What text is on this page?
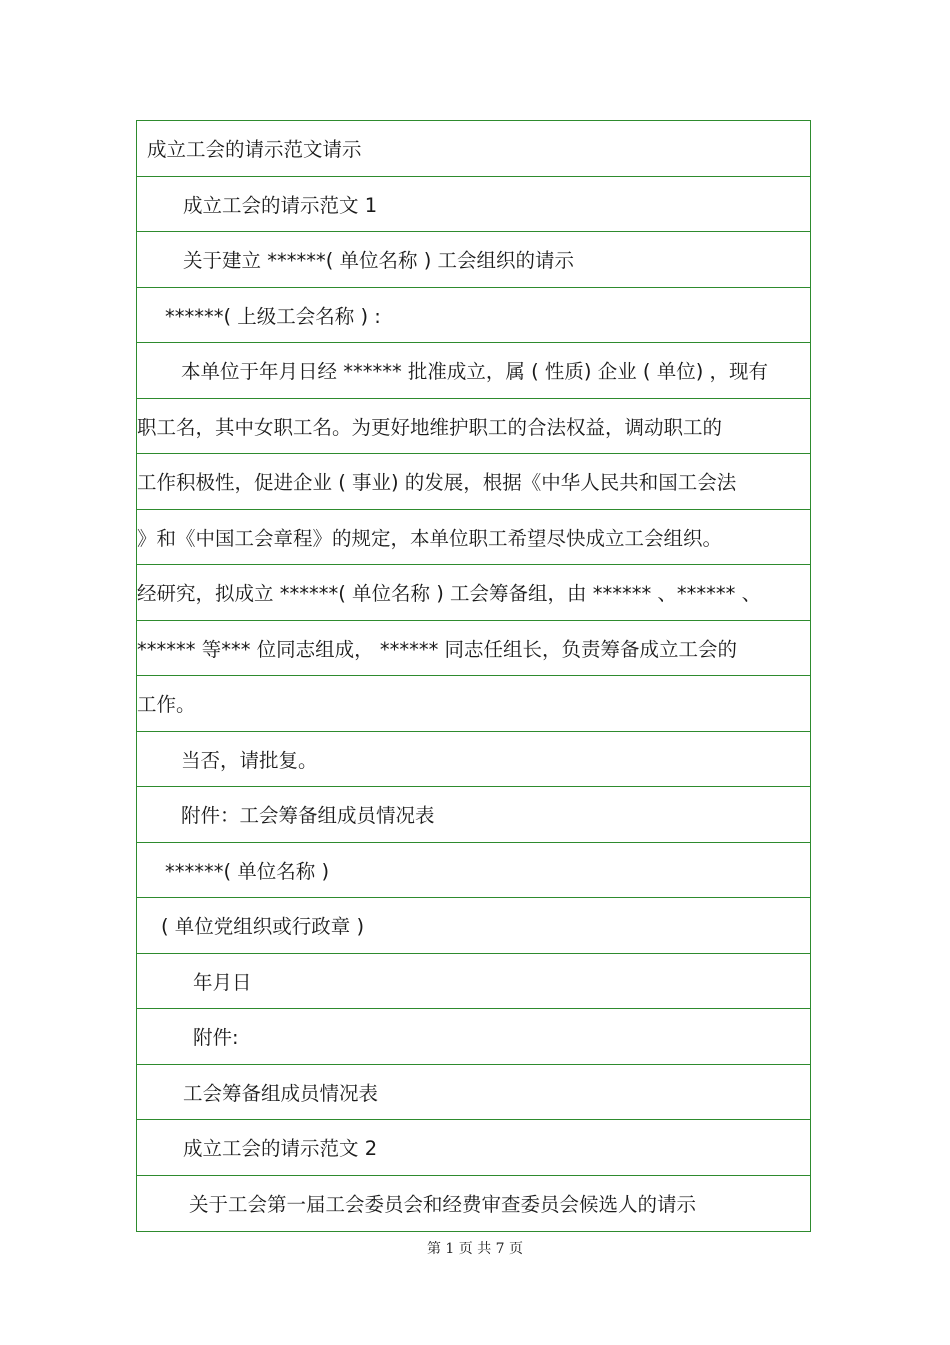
成立工会的请示范文请示
成立工会的请示范文 1
关于建立 ******( 单位名称 ) 工会组织的请示
******( 上级工会名称 ) :
本单位于年月日经 ****** 批准成立，属 ( 性质) 企业 ( 单位) ，现有
职工名，其中女职工名。为更好地维护职工的合法权益，调动职工的
工作积极性，促进企业 ( 事业) 的发展，根据《中华人民共和国工会法
》和《中国工会章程》的规定，本单位职工希望尽快成立工会组织。
经研究，拟成立 ******( 单位名称 ) 工会筹备组，由 ****** 、****** 、
****** 等*** 位同志组成， ****** 同志任组长，负责筹备成立工会的
工作。
当否，请批复。
附件：工会筹备组成员情况表
******( 单位名称 )
( 单位党组织或行政章 )
年月日
附件:
工会筹备组成员情况表
成立工会的请示范文 2
关于工会第一届工会委员会和经费审查委员会候选人的请示
第 1 页 共 7 页
